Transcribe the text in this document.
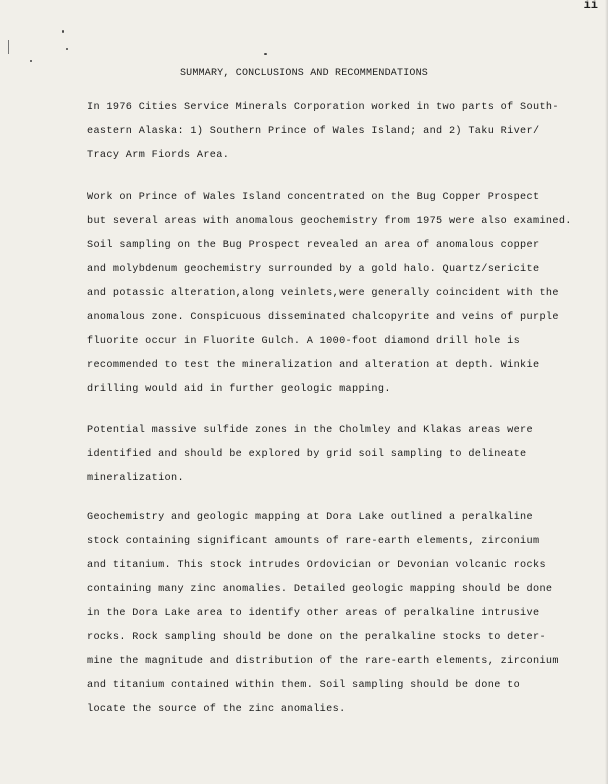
ii
SUMMARY, CONCLUSIONS AND RECOMMENDATIONS
In 1976 Cities Service Minerals Corporation worked in two parts of South-
eastern Alaska: 1) Southern Prince of Wales Island; and 2) Taku River/
Tracy Arm Fiords Area.
Work on Prince of Wales Island concentrated on the Bug Copper Prospect
but several areas with anomalous geochemistry from 1975 were also examined.
Soil sampling on the Bug Prospect revealed an area of anomalous copper
and molybdenum geochemistry surrounded by a gold halo. Quartz/sericite
and potassic alteration,along veinlets,were generally coincident with the
anomalous zone. Conspicuous disseminated chalcopyrite and veins of purple
fluorite occur in Fluorite Gulch. A 1000-foot diamond drill hole is
recommended to test the mineralization and alteration at depth. Winkie
drilling would aid in further geologic mapping.
Potential massive sulfide zones in the Cholmley and Klakas areas were
identified and should be explored by grid soil sampling to delineate
mineralization.
Geochemistry and geologic mapping at Dora Lake outlined a peralkaline
stock containing significant amounts of rare-earth elements, zirconium
and titanium. This stock intrudes Ordovician or Devonian volcanic rocks
containing many zinc anomalies. Detailed geologic mapping should be done
in the Dora Lake area to identify other areas of peralkaline intrusive
rocks. Rock sampling should be done on the peralkaline stocks to deter-
mine the magnitude and distribution of the rare-earth elements, zirconium
and titanium contained within them. Soil sampling should be done to
locate the source of the zinc anomalies.
